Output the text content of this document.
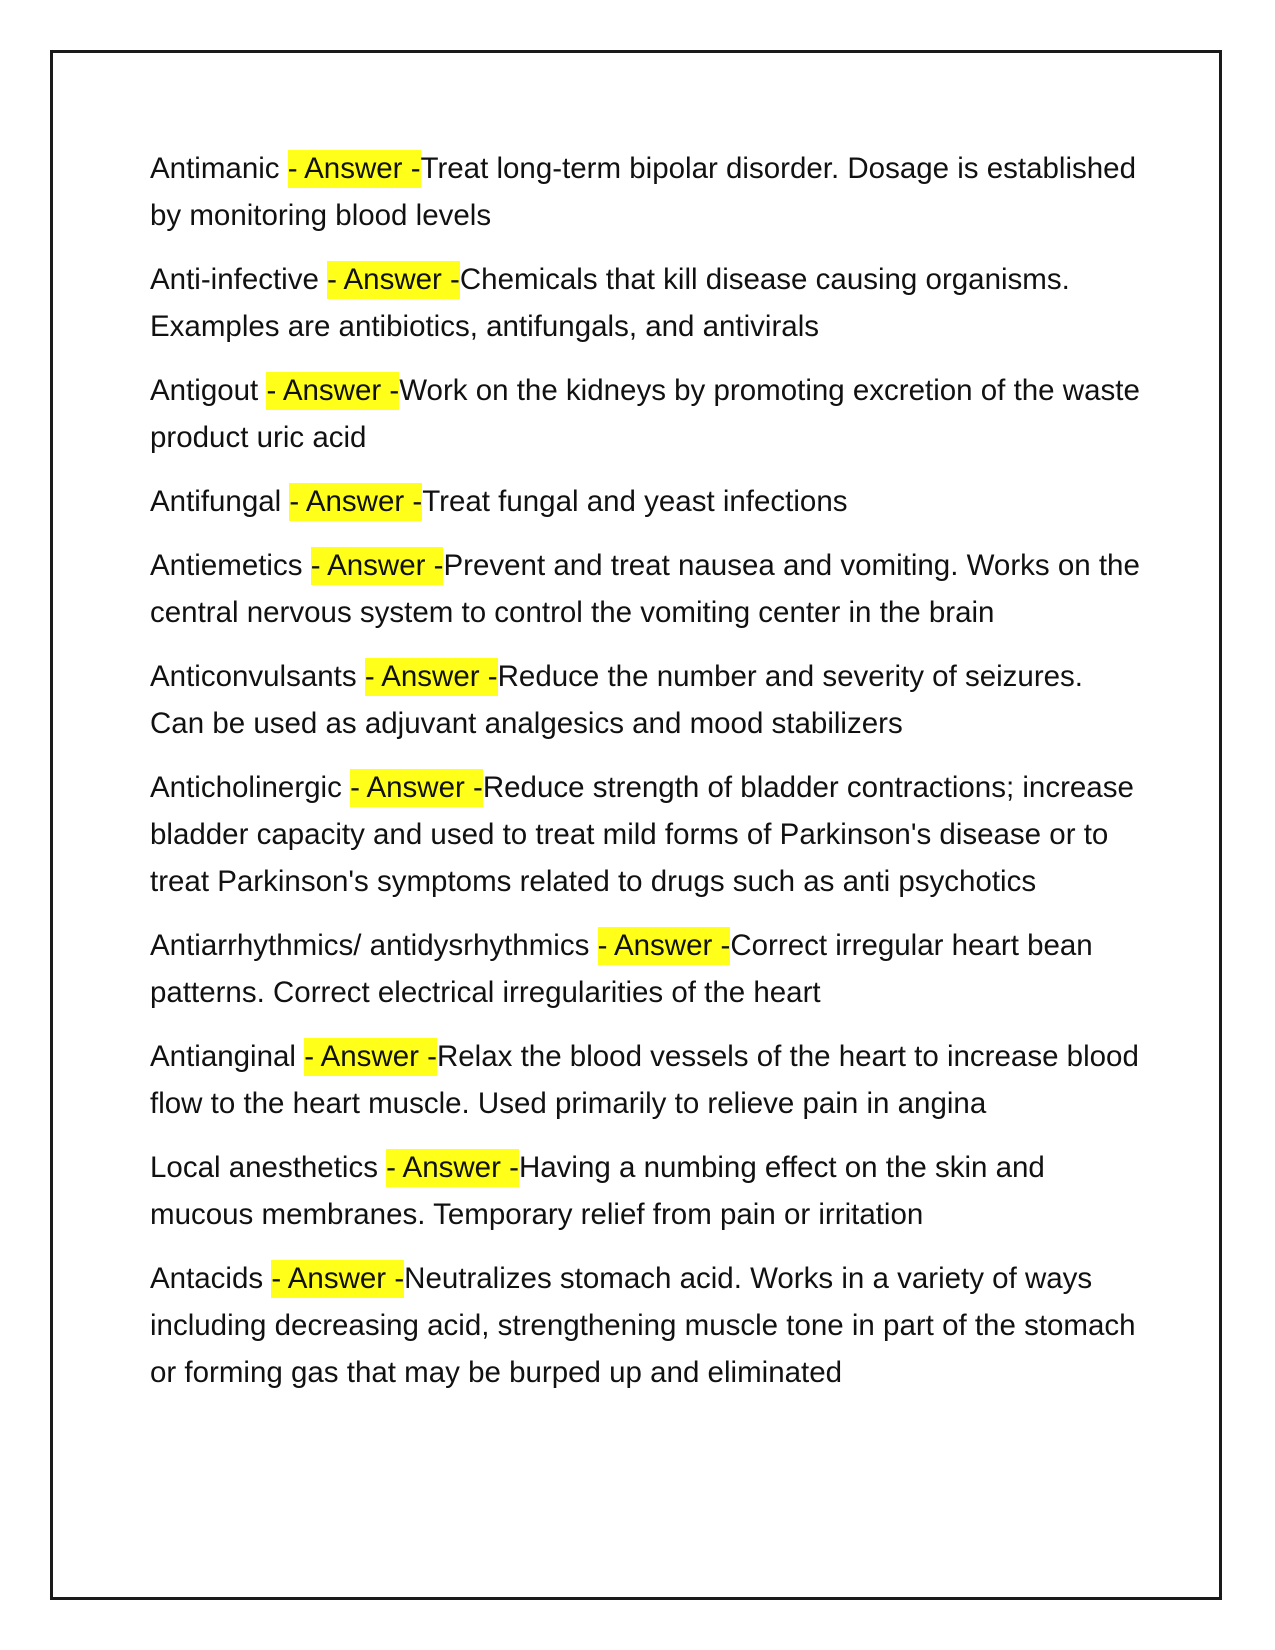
Antimanic - Answer -Treat long-term bipolar disorder. Dosage is established by monitoring blood levels

Anti-infective - Answer -Chemicals that kill disease causing organisms. Examples are antibiotics, antifungals, and antivirals

Antigout - Answer -Work on the kidneys by promoting excretion of the waste product uric acid

Antifungal - Answer -Treat fungal and yeast infections

Antiemetics - Answer -Prevent and treat nausea and vomiting. Works on the central nervous system to control the vomiting center in the brain

Anticonvulsants - Answer -Reduce the number and severity of seizures. Can be used as adjuvant analgesics and mood stabilizers

Anticholinergic - Answer -Reduce strength of bladder contractions; increase bladder capacity and used to treat mild forms of Parkinson's disease or to treat Parkinson's symptoms related to drugs such as anti psychotics

Antiarrhythmics/ antidysrhythmics - Answer -Correct irregular heart bean patterns. Correct electrical irregularities of the heart

Antianginal - Answer -Relax the blood vessels of the heart to increase blood flow to the heart muscle. Used primarily to relieve pain in angina

Local anesthetics - Answer -Having a numbing effect on the skin and mucous membranes. Temporary relief from pain or irritation

Antacids - Answer -Neutralizes stomach acid. Works in a variety of ways including decreasing acid, strengthening muscle tone in part of the stomach or forming gas that may be burped up and eliminated
